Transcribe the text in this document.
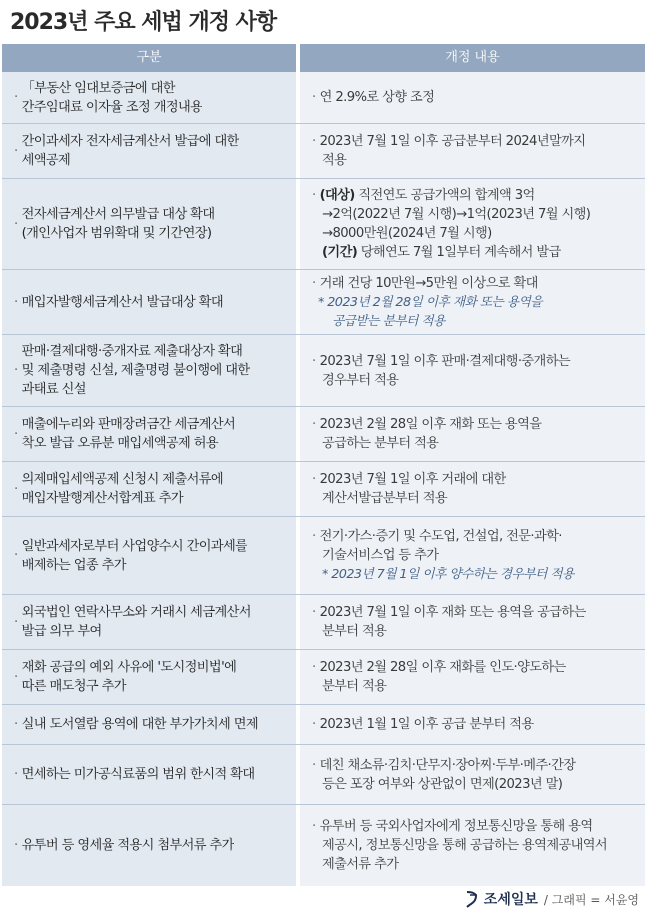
2023년 주요 세법 개정 사항
구분	개정 내용
·
「부동산 임대보증금에 대한
간주임대료 이자율 조정 개정내용
· 연 2.9%로 상향 조정
·
간이과세자 전자세금계산서 발급에 대한
세액공제
· 2023년 7월 1일 이후 공급분부터 2024년말까지
적용
·
전자세금계산서 의무발급 대상 확대
(개인사업자 범위확대 및 기간연장)
· (대상) 직전연도 공급가액의 합계액 3억
→2억(2022년 7월 시행)→1억(2023년 7월 시행)
→8000만원(2024년 7월 시행)
(기간) 당해연도 7월 1일부터 계속해서 발급
· 매입자발행세금계산서 발급대상 확대
· 거래 건당 10만원→5만원 이상으로 확대
* 2023년 2월 28일 이후 재화 또는 용역을
공급받는 분부터 적용
·
판매·결제대행·중개자료 제출대상자 확대
및 제출명령 신설, 제출명령 불이행에 대한
과태료 신설
· 2023년 7월 1일 이후 판매·결제대행·중개하는
경우부터 적용
·
매출에누리와 판매장려금간 세금계산서
착오 발급 오류분 매입세액공제 허용
· 2023년 2월 28일 이후 재화 또는 용역을
공급하는 분부터 적용
·
의제매입세액공제 신청시 제출서류에
매입자발행계산서합계표 추가
· 2023년 7월 1일 이후 거래에 대한
계산서발급분부터 적용
·
일반과세자로부터 사업양수시 간이과세를
배제하는 업종 추가
· 전기·가스·증기 및 수도업, 건설업, 전문·과학·
기술서비스업 등 추가
* 2023년 7월 1일 이후 양수하는 경우부터 적용
·
외국법인 연락사무소와 거래시 세금계산서
발급 의무 부여
· 2023년 7월 1일 이후 재화 또는 용역을 공급하는
분부터 적용
·
재화 공급의 예외 사유에 '도시정비법'에
따른 매도청구 추가
· 2023년 2월 28일 이후 재화를 인도·양도하는
분부터 적용
· 실내 도서열람 용역에 대한 부가가치세 면제	· 2023년 1월 1일 이후 공급 분부터 적용
· 면세하는 미가공식료품의 범위 한시적 확대
· 데친 채소류·김치·단무지·장아찌·두부·메주·간장
등은 포장 여부와 상관없이 면제(2023년 말)
· 유투버 등 영세율 적용시 첨부서류 추가
· 유투버 등 국외사업자에게 정보통신망을 통해 용역
제공시, 정보통신망을 통해 공급하는 용역제공내역서
제출서류 추가
조세일보 / 그래픽 = 서윤영
